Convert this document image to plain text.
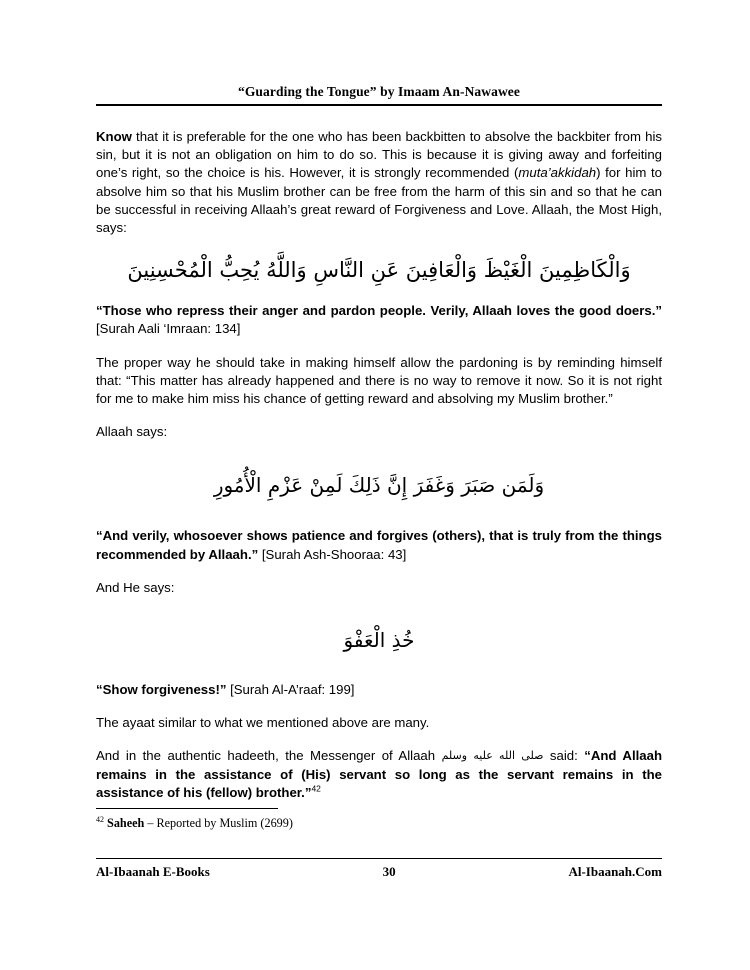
“Guarding the Tongue” by Imaam An-Nawawee

Know that it is preferable for the one who has been backbitten to absolve the backbiter from his sin, but it is not an obligation on him to do so. This is because it is giving away and forfeiting one’s right, so the choice is his. However, it is strongly recommended (muta’akkidah) for him to absolve him so that his Muslim brother can be free from the harm of this sin and so that he can be successful in receiving Allaah’s great reward of Forgiveness and Love. Allaah, the Most High, says:

وَالْكَاظِمِينَ الْغَيْظَ وَالْعَافِينَ عَنِ النَّاسِ وَاللَّهُ يُحِبُّ الْمُحْسِنِينَ

“Those who repress their anger and pardon people. Verily, Allaah loves the good doers.” [Surah Aali ‘Imraan: 134]

The proper way he should take in making himself allow the pardoning is by reminding himself that: “This matter has already happened and there is no way to remove it now. So it is not right for me to make him miss his chance of getting reward and absolving my Muslim brother.”

Allaah says:

وَلَمَن صَبَرَ وَغَفَرَ إِنَّ ذَلِكَ لَمِنْ عَزْمِ الْأُمُورِ

“And verily, whosoever shows patience and forgives (others), that is truly from the things recommended by Allaah.” [Surah Ash-Shooraa: 43]

And He says:

خُذِ الْعَفْوَ

“Show forgiveness!” [Surah Al-A’raaf: 199]

The ayaat similar to what we mentioned above are many.

And in the authentic hadeeth, the Messenger of Allaah صلى الله عليه وسلم said: “And Allaah remains in the assistance of (His) servant so long as the servant remains in the assistance of his (fellow) brother.”$^{42}$

$^{42}$ Saheeh – Reported by Muslim (2699)
Al-Ibaanah E-Books	30	Al-Ibaanah.Com
